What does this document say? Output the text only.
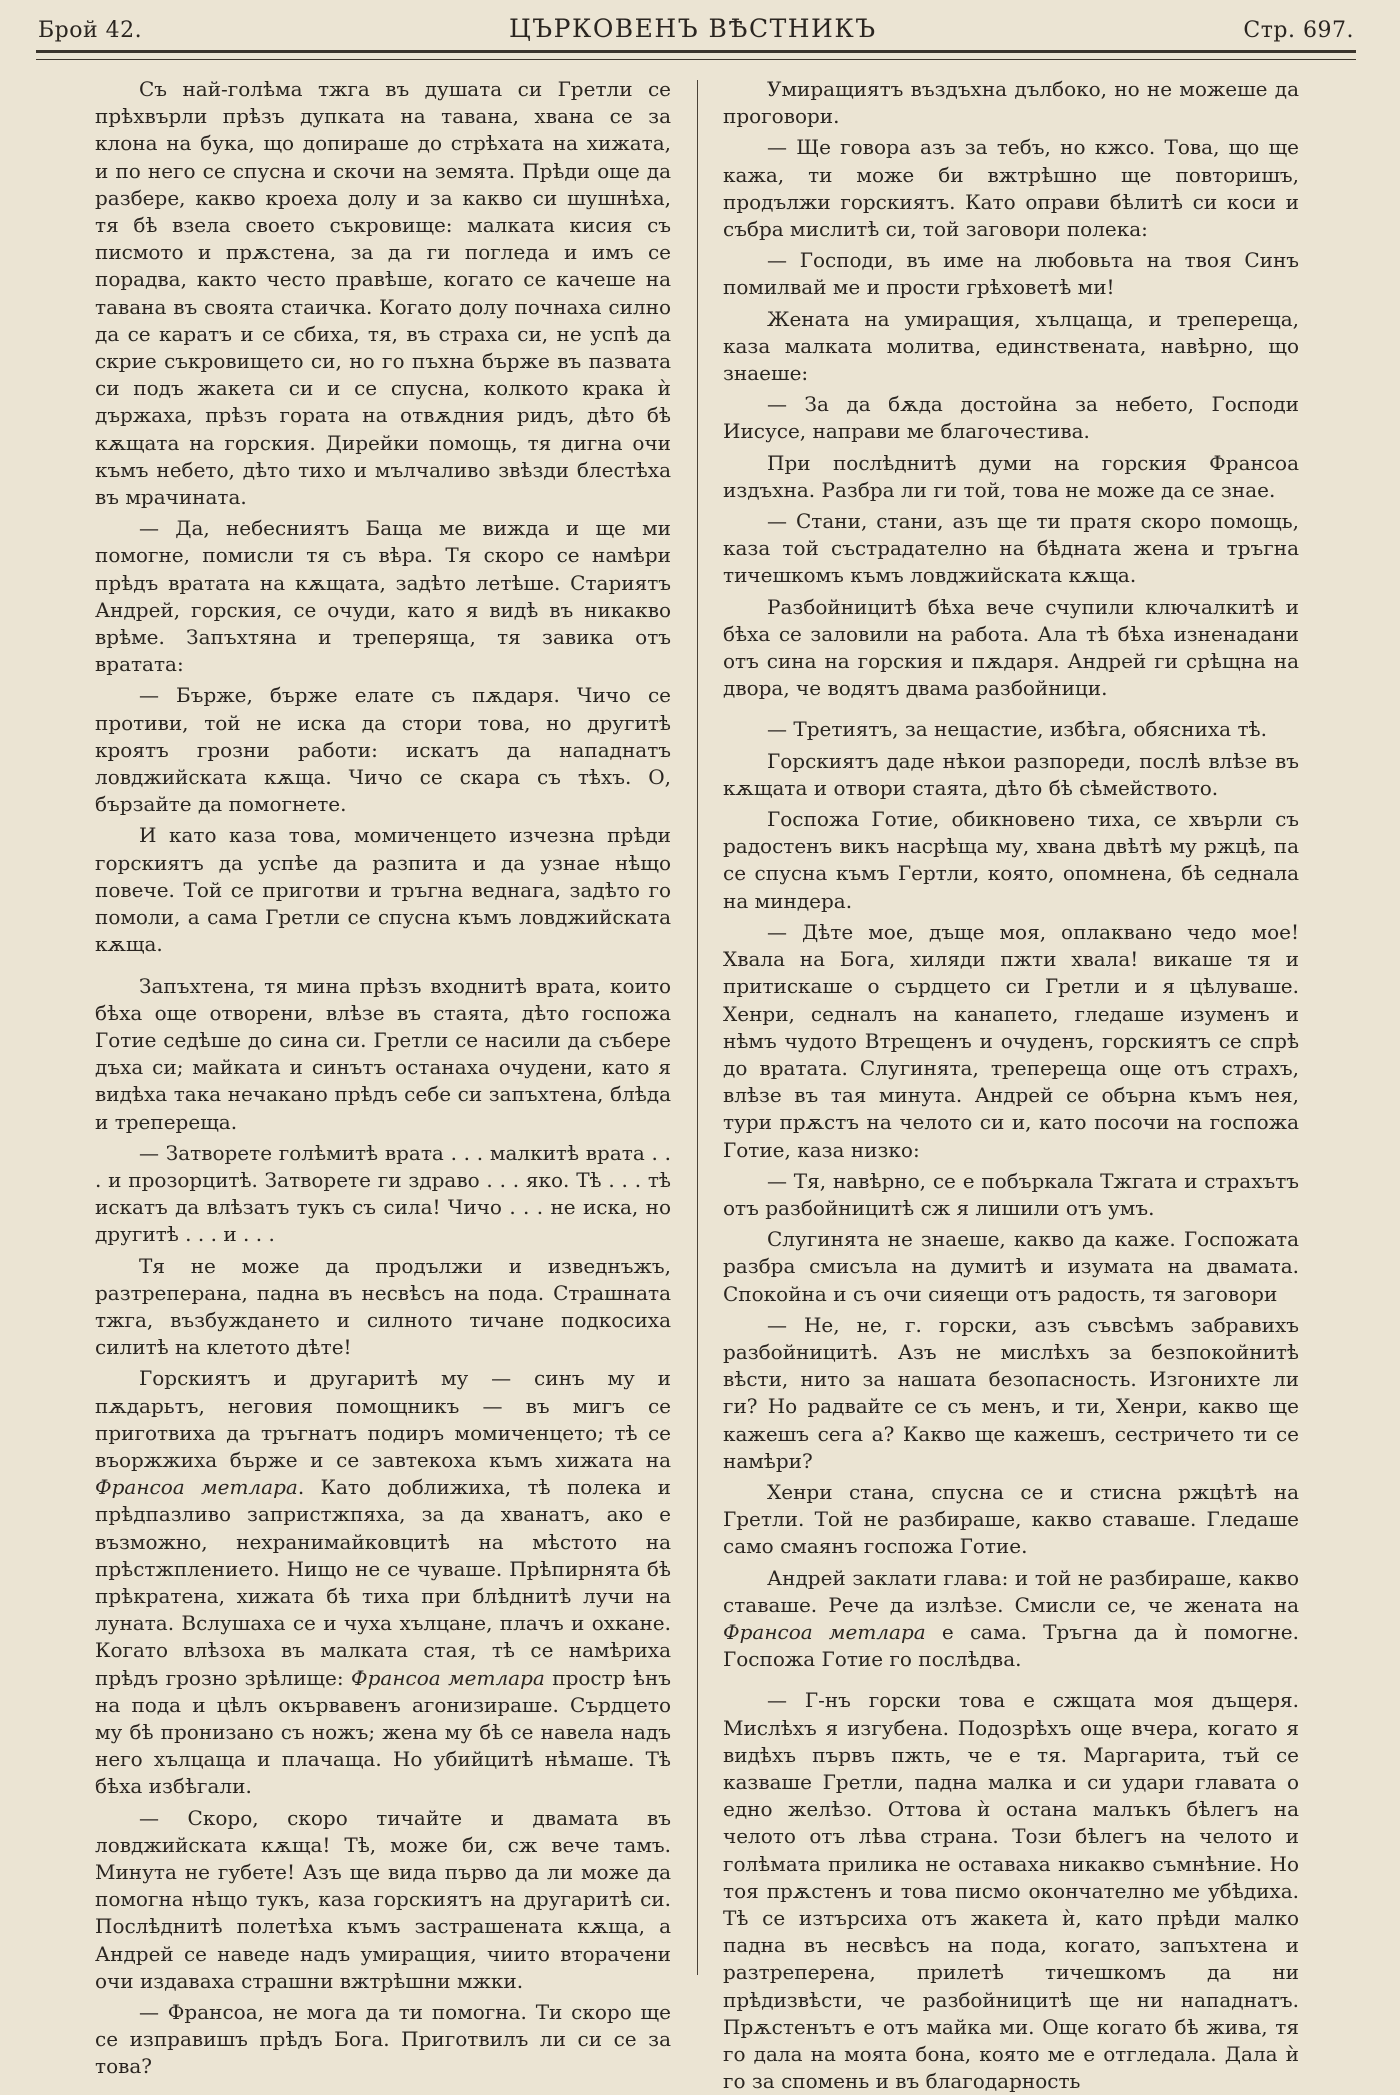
Брой 42.	ЦЪРКОВЕНЪ ВѢСТНИКЪ	Стр. 697.

Съ най-голѣма тжга въ душата си Гретли се прѣхвърли прѣзъ дупката на тавана, хвана се за клона на бука, що допираше до стрѣхата на хижата, и по него се спусна и скочи на земята. Прѣди още да разбере, какво кроеха долу и за какво си шушнѣха, тя бѣ взела своето съкровище: малката кисия съ писмото и прѫстена, за да ги погледа и имъ се порадва, както често правѣше, когато се качеше на тавана въ своята стаичка. Когато долу почнаха силно да се каратъ и се сбиха, тя, въ страха си, не успѣ да скрие съкровището си, но го пъхна бърже въ пазвата си подъ жакета си и се спусна, колкото крака ѝ държаха, прѣзъ гората на отвѫдния ридъ, дѣто бѣ кѫщата на горския. Дирейки помощь, тя дигна очи къмъ небето, дѣто тихо и мълчаливо звѣзди блестѣха въ мрачината.

— Да, небесниятъ Баща ме вижда и ще ми помогне, помисли тя съ вѣра. Тя скоро се намѣри прѣдъ вратата на кѫщата, задѣто летѣше. Стариятъ Андрей, горския, се очуди, като я видѣ въ никакво врѣме. Запъхтяна и треперяща, тя завика отъ вратата:

— Бърже, бърже елате съ пѫдаря. Чичо се противи, той не иска да стори това, но другитѣ кроятъ грозни работи: искатъ да нападнатъ ловджийската кѫща. Чичо се скара съ тѣхъ. О, бързайте да помогнете.

И като каза това, момиченцето изчезна прѣди горскиятъ да успѣе да разпита и да узнае нѣщо повече. Той се приготви и тръгна веднага, задѣто го помоли, а сама Гретли се спусна къмъ ловджийската кѫща.

Запъхтена, тя мина прѣзъ входнитѣ врата, които бѣха още отворени, влѣзе въ стаята, дѣто госпожа Готие седѣше до сина си. Гретли се насили да събере дъха си; майката и синътъ останаха очудени, като я видѣха така нечакано прѣдъ себе си запъхтена, блѣда и трепереща.

— Затворете голѣмитѣ врата . . . малкитѣ врата . . . и прозорцитѣ. Затворете ги здраво . . . яко. Тѣ . . . тѣ искатъ да влѣзатъ тукъ съ сила! Чичо . . . не иска, но другитѣ . . . и . . .

Тя не може да продължи и изведнъжъ, разтреперана, падна въ несвѣсъ на пода. Страшната тжга, възбуждането и силното тичане подкосиха силитѣ на клетото дѣте!

Горскиятъ и другаритѣ му — синъ му и пѫдарьтъ, неговия помощникъ — въ мигъ се приготвиха да тръгнатъ подиръ момиченцето; тѣ се въоржжиха бърже и се завтекоха къмъ хижата на Франсоа метлара. Като доближиха, тѣ полека и прѣдпазливо запристжпяха, за да хванатъ, ако е възможно, нехранимайковцитѣ на мѣстото на прѣстжплението. Нищо не се чуваше. Прѣпирнята бѣ прѣкратена, хижата бѣ тиха при блѣднитѣ лучи на луната. Вслушаха се и чуха хълцане, плачъ и охкане. Когато влѣзоха въ малката стая, тѣ се намѣриха прѣдъ грозно зрѣлище: Франсоа метлара простр ѣнъ на пода и цѣлъ окървавенъ агонизираше. Сърдцето му бѣ пронизано съ ножъ; жена му бѣ се навела надъ него хълцаща и плачаща. Но убийцитѣ нѣмаше. Тѣ бѣха избѣгали.

— Скоро, скоро тичайте и двамата въ ловджийската кѫща! Тѣ, може би, сж вече тамъ. Минута не губете! Азъ ще вида първо да ли може да помогна нѣщо тукъ, каза горскиятъ на другаритѣ си. Послѣднитѣ полетѣха къмъ застрашената кѫща, а Андрей се наведе надъ умиращия, чиито вторачени очи издаваха страшни вжтрѣшни мжки.

— Франсоа, не мога да ти помогна. Ти скоро ще се изправишъ прѣдъ Бога. Приготвилъ ли си се за това?

Умиращиятъ въздъхна дълбоко, но не можеше да проговори.

— Ще говора азъ за тебъ, но кжсо. Това, що ще кажа, ти може би вжтрѣшно ще повторишъ, продължи горскиятъ. Като оправи бѣлитѣ си коси и събра мислитѣ си, той заговори полека:

— Господи, въ име на любовьта на твоя Синъ помилвай ме и прости грѣховетѣ ми!

Жената на умиращия, хълцаща, и трепереща, каза малката молитва, единствената, навѣрно, що знаеше:

— За да бѫда достойна за небето, Господи Иисусе, направи ме благочестива.

При послѣднитѣ думи на горския Франсоа издъхна. Разбра ли ги той, това не може да се знае.

— Стани, стани, азъ ще ти пратя скоро помощь, каза той състрадателно на бѣдната жена и тръгна тичешкомъ къмъ ловджийската кѫща.

Разбойницитѣ бѣха вече счупили ключалкитѣ и бѣха се заловили на работа. Ала тѣ бѣха изненадани отъ сина на горския и пѫдаря. Андрей ги срѣщна на двора, че водятъ двама разбойници.

— Третиятъ, за нещастие, избѣга, обясниха тѣ.

Горскиятъ даде нѣкои разпореди, послѣ влѣзе въ кѫщата и отвори стаята, дѣто бѣ сѣмейството.

Госпожа Готие, обикновено тиха, се хвърли съ радостенъ викъ насрѣща му, хвана двѣтѣ му ржцѣ, па се спусна къмъ Гертли, която, опомнена, бѣ седнала на миндера.

— Дѣте мое, дъще моя, оплаквано чедо мое! Хвала на Бога, хиляди пжти хвала! викаше тя и притискаше о сърдцето си Гретли и я цѣлуваше. Хенри, седналъ на канапето, гледаше изуменъ и нѣмъ чудото Втрещенъ и очуденъ, горскиятъ се спрѣ до вратата. Слугинята, трепереща още отъ страхъ, влѣзе въ тая минута. Андрей се обърна къмъ нея, тури прѫстъ на челото си и, като посочи на госпожа Готие, каза низко:

— Тя, навѣрно, се е побъркала Тжгата и страхътъ отъ разбойницитѣ сж я лишили отъ умъ.

Слугинята не знаеше, какво да каже. Госпожата разбра смисъла на думитѣ и изумата на двамата. Спокойна и съ очи сияещи отъ радость, тя заговори

— Не, не, г. горски, азъ съвсѣмъ забравихъ разбойницитѣ. Азъ не мислѣхъ за безпокойнитѣ вѣсти, нито за нашата безопасность. Изгонихте ли ги? Но радвайте се съ менъ, и ти, Хенри, какво ще кажешъ сега а? Какво ще кажешъ, сестричето ти се намѣри?

Хенри стана, спусна се и стисна ржцѣтѣ на Гретли. Той не разбираше, какво ставаше. Гледаше само смаянъ госпожа Готие.

Андрей заклати глава: и той не разбираше, какво ставаше. Рече да излѣзе. Смисли се, че жената на Франсоа метлара е сама. Тръгна да ѝ помогне. Госпожа Готие го послѣдва.

— Г-нъ горски това е сжщата моя дъщеря. Мислѣхъ я изгубена. Подозрѣхъ още вчера, когато я видѣхъ първъ пжть, че е тя. Маргарита, тъй се казваше Гретли, падна малка и си удари главата о едно желѣзо. Оттова ѝ остана малъкъ бѣлегъ на челото отъ лѣва страна. Този бѣлегъ на челото и голѣмата прилика не оставаха никакво съмнѣние. Но тоя прѫстенъ и това писмо окончателно ме убѣдиха. Тѣ се изтърсиха отъ жакета ѝ, като прѣди малко падна въ несвѣсъ на пода, когато, запъхтена и разтреперена, прилетѣ тичешкомъ да ни прѣдизвѣсти, че разбойницитѣ ще ни нападнатъ. Прѫстенътъ е отъ майка ми. Още когато бѣ жива, тя го дала на моята бона, която ме е отгледала. Дала ѝ го за спомень и въ благодарность
